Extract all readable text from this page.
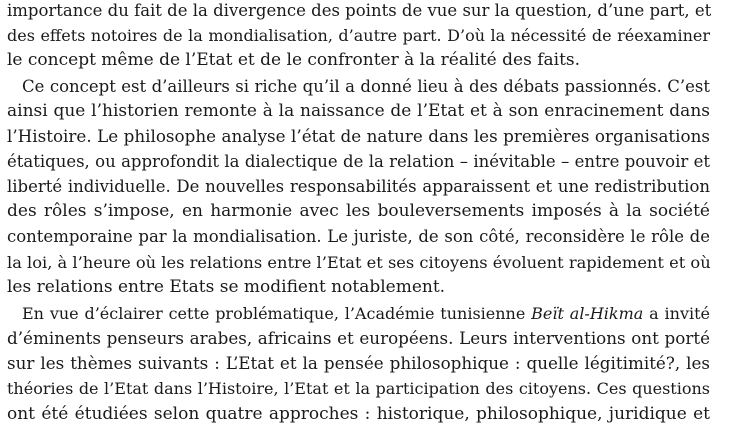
importance du fait de la divergence des points de vue sur la question, d’une part, et
des effets notoires de la mondialisation, d’autre part. D’où la nécessité de réexaminer
le concept même de l’Etat et de le confronter à la réalité des faits.
Ce concept est d’ailleurs si riche qu’il a donné lieu à des débats passionnés. C’est
ainsi que l’historien remonte à la naissance de l’Etat et à son enracinement dans
l’Histoire. Le philosophe analyse l’état de nature dans les premières organisations
étatiques, ou approfondit la dialectique de la relation – inévitable – entre pouvoir et
liberté individuelle. De nouvelles responsabilités apparaissent et une redistribution
des rôles s’impose, en harmonie avec les bouleversements imposés à la société
contemporaine par la mondialisation. Le juriste, de son côté, reconsidère le rôle de
la loi, à l’heure où les relations entre l’Etat et ses citoyens évoluent rapidement et où
les relations entre Etats se modifient notablement.
En vue d’éclairer cette problématique, l’Académie tunisienne Beït al-Hikma a invité
d’éminents penseurs arabes, africains et européens. Leurs interventions ont porté
sur les thèmes suivants : L’Etat et la pensée philosophique : quelle légitimité?, les
théories de l’Etat dans l’Histoire, l’Etat et la participation des citoyens. Ces questions
ont été étudiées selon quatre approches : historique, philosophique, juridique et
